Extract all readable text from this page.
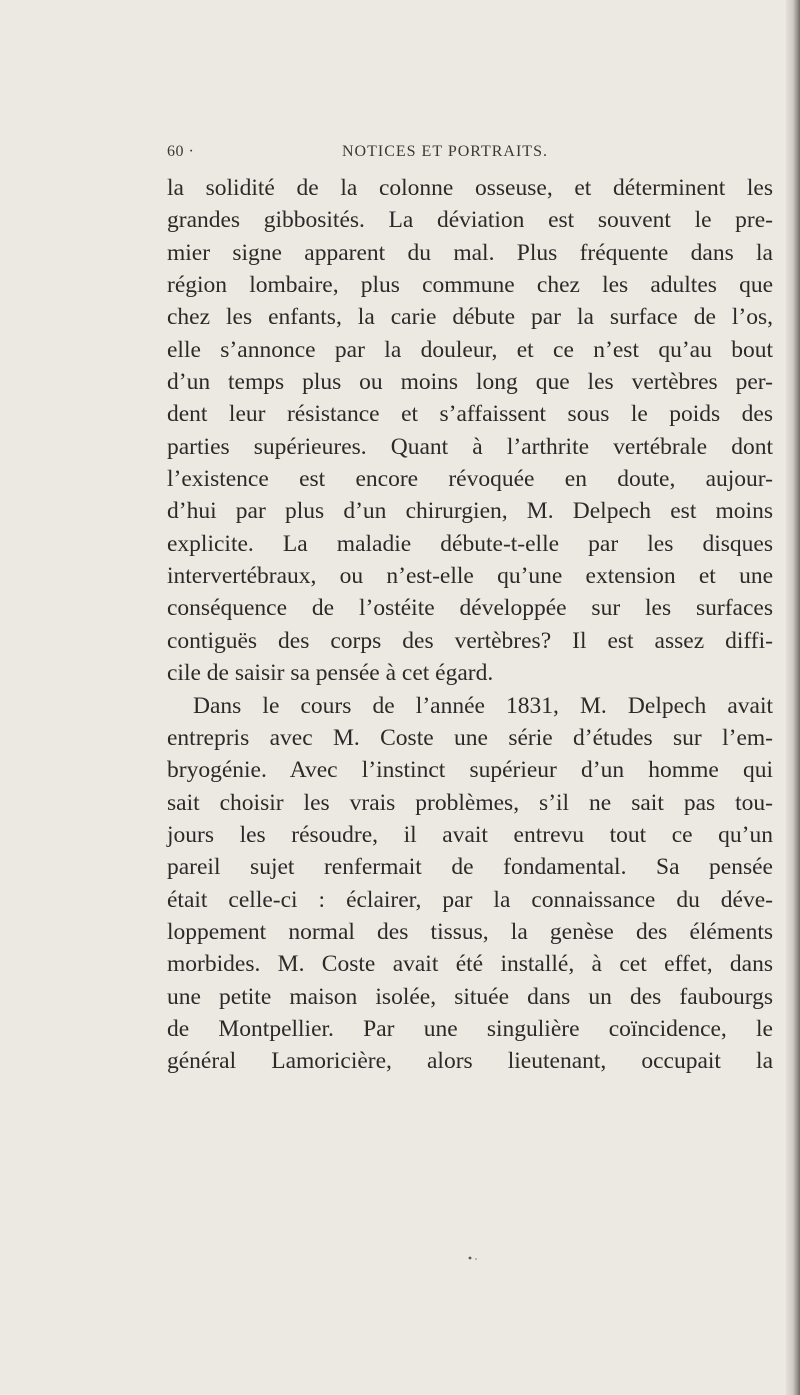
60 ·	NOTICES ET PORTRAITS.
la solidité de la colonne osseuse, et déterminent les
grandes gibbosités. La déviation est souvent le pre-
mier signe apparent du mal. Plus fréquente dans la
région lombaire, plus commune chez les adultes que
chez les enfants, la carie débute par la surface de l’os,
elle s’annonce par la douleur, et ce n’est qu’au bout
d’un temps plus ou moins long que les vertèbres per-
dent leur résistance et s’affaissent sous le poids des
parties supérieures. Quant à l’arthrite vertébrale dont
l’existence est encore révoquée en doute, aujour-
d’hui par plus d’un chirurgien, M. Delpech est moins
explicite. La maladie débute-t-elle par les disques
intervertébraux, ou n’est-elle qu’une extension et une
conséquence de l’ostéite développée sur les surfaces
contiguës des corps des vertèbres? Il est assez diffi-
cile de saisir sa pensée à cet égard.
Dans le cours de l’année 1831, M. Delpech avait
entrepris avec M. Coste une série d’études sur l’em-
bryogénie. Avec l’instinct supérieur d’un homme qui
sait choisir les vrais problèmes, s’il ne sait pas tou-
jours les résoudre, il avait entrevu tout ce qu’un
pareil sujet renfermait de fondamental. Sa pensée
était celle-ci : éclairer, par la connaissance du déve-
loppement normal des tissus, la genèse des éléments
morbides. M. Coste avait été installé, à cet effet, dans
une petite maison isolée, située dans un des faubourgs
de Montpellier. Par une singulière coïncidence, le
général Lamoricière, alors lieutenant, occupait la
